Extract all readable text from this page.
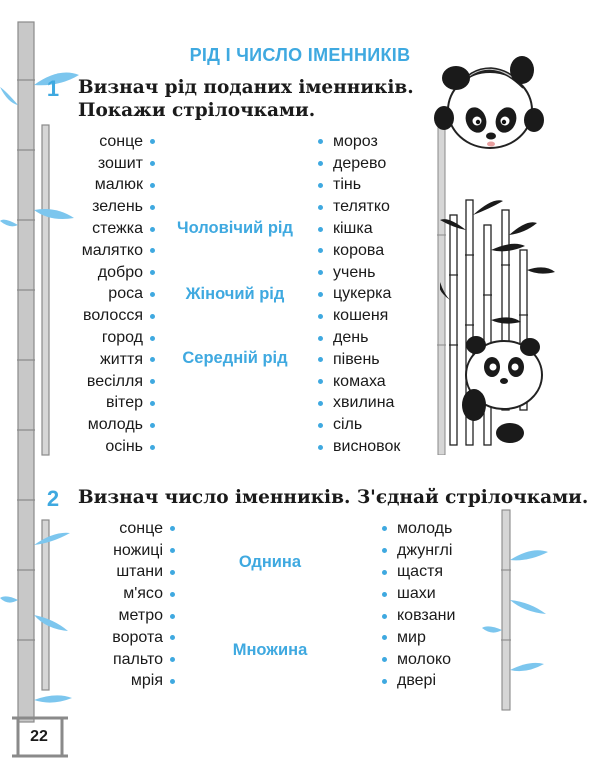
РІД І ЧИСЛО ІМЕННИКІВ
1	Визнач рід поданих іменників.
Покажи стрілочками.
сонце
зошит
малюк
зелень
стежка
малятко
добро
роса
волосся
город
життя
весілля
вітер
молодь
осінь
мороз
дерево
тінь
телятко
кішка
корова
учень
цукерка
кошеня
день
півень
комаха
хвилина
сіль
висновок
Чоловічий рід
Жіночий рід
Середній рід
2	Визнач число іменників. З'єднай стрілочками.
сонце
ножиці
штани
м'ясо
метро
ворота
пальто
мрія
молодь
джунглі
щастя
шахи
ковзани
мир
молоко
двері
Однина
Множина
22
